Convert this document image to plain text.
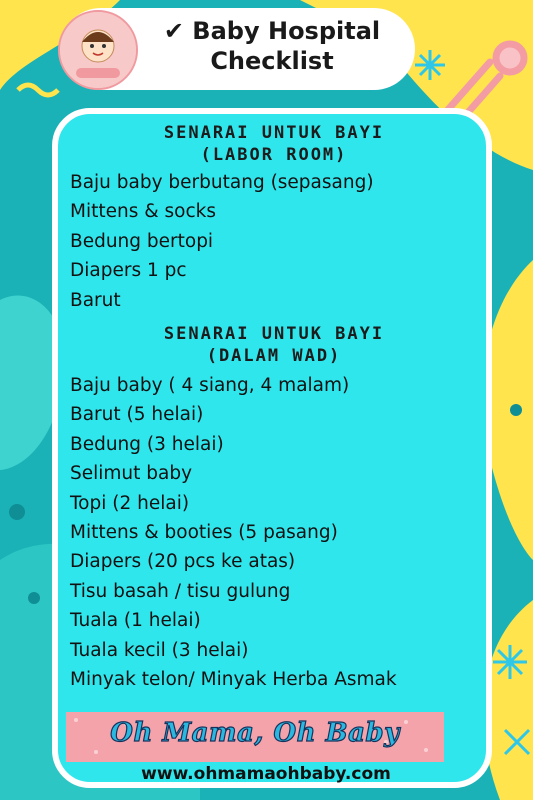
✔ Baby Hospital
Checklist
SENARAI UNTUK BAYI
(LABOR ROOM)
Baju baby berbutang (sepasang)
Mittens & socks
Bedung bertopi
Diapers 1 pc
Barut
SENARAI UNTUK BAYI
(DALAM WAD)
Baju baby ( 4 siang, 4 malam)
Barut (5 helai)
Bedung (3 helai)
Selimut baby
Topi (2 helai)
Mittens & booties (5 pasang)
Diapers (20 pcs ke atas)
Tisu basah / tisu gulung
Tuala (1 helai)
Tuala kecil (3 helai)
Minyak telon/ Minyak Herba Asmak
Oh Mama, Oh Baby
www.ohmamaohbaby.com
